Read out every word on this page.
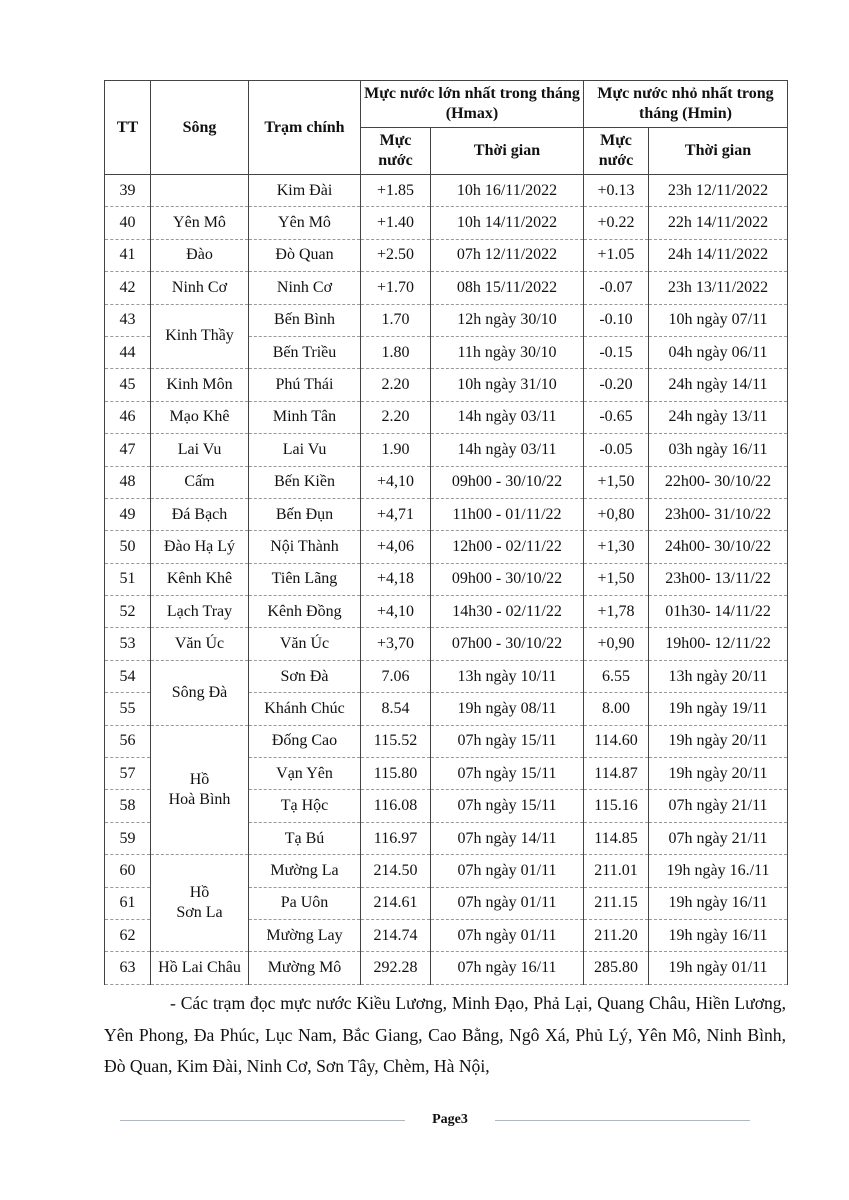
TT	Sông	Trạm chính	Mực nước lớn nhất trong tháng (Hmax)		Mực nước nhỏ nhất trong tháng (Hmin)	
			Mực nước	Thời gian	Mực nước	Thời gian
39		Kim Đài	+1.85	10h 16/11/2022	+0.13	23h 12/11/2022
40	Yên Mô	Yên Mô	+1.40	10h 14/11/2022	+0.22	22h 14/11/2022
41	Đào	Đò Quan	+2.50	07h 12/11/2022	+1.05	24h 14/11/2022
42	Ninh Cơ	Ninh Cơ	+1.70	08h 15/11/2022	-0.07	23h 13/11/2022
43	Kinh Thầy	Bến Bình	1.70	12h ngày 30/10	-0.10	10h ngày 07/11
44		Bến Triều	1.80	11h ngày 30/10	-0.15	04h ngày 06/11
45	Kinh Môn	Phú Thái	2.20	10h ngày 31/10	-0.20	24h ngày 14/11
46	Mạo Khê	Minh Tân	2.20	14h ngày 03/11	-0.65	24h ngày 13/11
47	Lai Vu	Lai Vu	1.90	14h ngày 03/11	-0.05	03h ngày 16/11
48	Cấm	Bến Kiền	+4,10	09h00 - 30/10/22	+1,50	22h00- 30/10/22
49	Đá Bạch	Bến Đụn	+4,71	11h00 - 01/11/22	+0,80	23h00- 31/10/22
50	Đào Hạ Lý	Nội Thành	+4,06	12h00 - 02/11/22	+1,30	24h00- 30/10/22
51	Kênh Khê	Tiên Lãng	+4,18	09h00 - 30/10/22	+1,50	23h00- 13/11/22
52	Lạch Tray	Kênh Đồng	+4,10	14h30 - 02/11/22	+1,78	01h30- 14/11/22
53	Văn Úc	Văn Úc	+3,70	07h00 - 30/10/22	+0,90	19h00- 12/11/22
54	Sông Đà	Sơn Đà	7.06	13h ngày 10/11	6.55	13h ngày 20/11
55		Khánh Chúc	8.54	19h ngày 08/11	8.00	19h ngày 19/11
56	Hồ
Hoà Bình	Đống Cao	115.52	07h ngày 15/11	114.60	19h ngày 20/11
57		Vạn Yên	115.80	07h ngày 15/11	114.87	19h ngày 20/11
58		Tạ Hộc	116.08	07h ngày 15/11	115.16	07h ngày 21/11
59		Tạ Bú	116.97	07h ngày 14/11	114.85	07h ngày 21/11
60	Hồ
Sơn La	Mường La	214.50	07h ngày 01/11	211.01	19h ngày 16./11
61		Pa Uôn	214.61	07h ngày 01/11	211.15	19h ngày 16/11
62		Mường Lay	214.74	07h ngày 01/11	211.20	19h ngày 16/11
63	Hồ Lai Châu	Mường Mô	292.28	07h ngày 16/11	285.80	19h ngày 01/11
- Các trạm đọc mực nước Kiều Lương, Minh Đạo, Phả Lại, Quang Châu, Hiền Lương, Yên Phong, Đa Phúc, Lục Nam, Bắc Giang, Cao Bằng, Ngô Xá, Phủ Lý, Yên Mô, Ninh Bình, Đò Quan, Kim Đài, Ninh Cơ, Sơn Tây, Chèm, Hà Nội,
Page3
